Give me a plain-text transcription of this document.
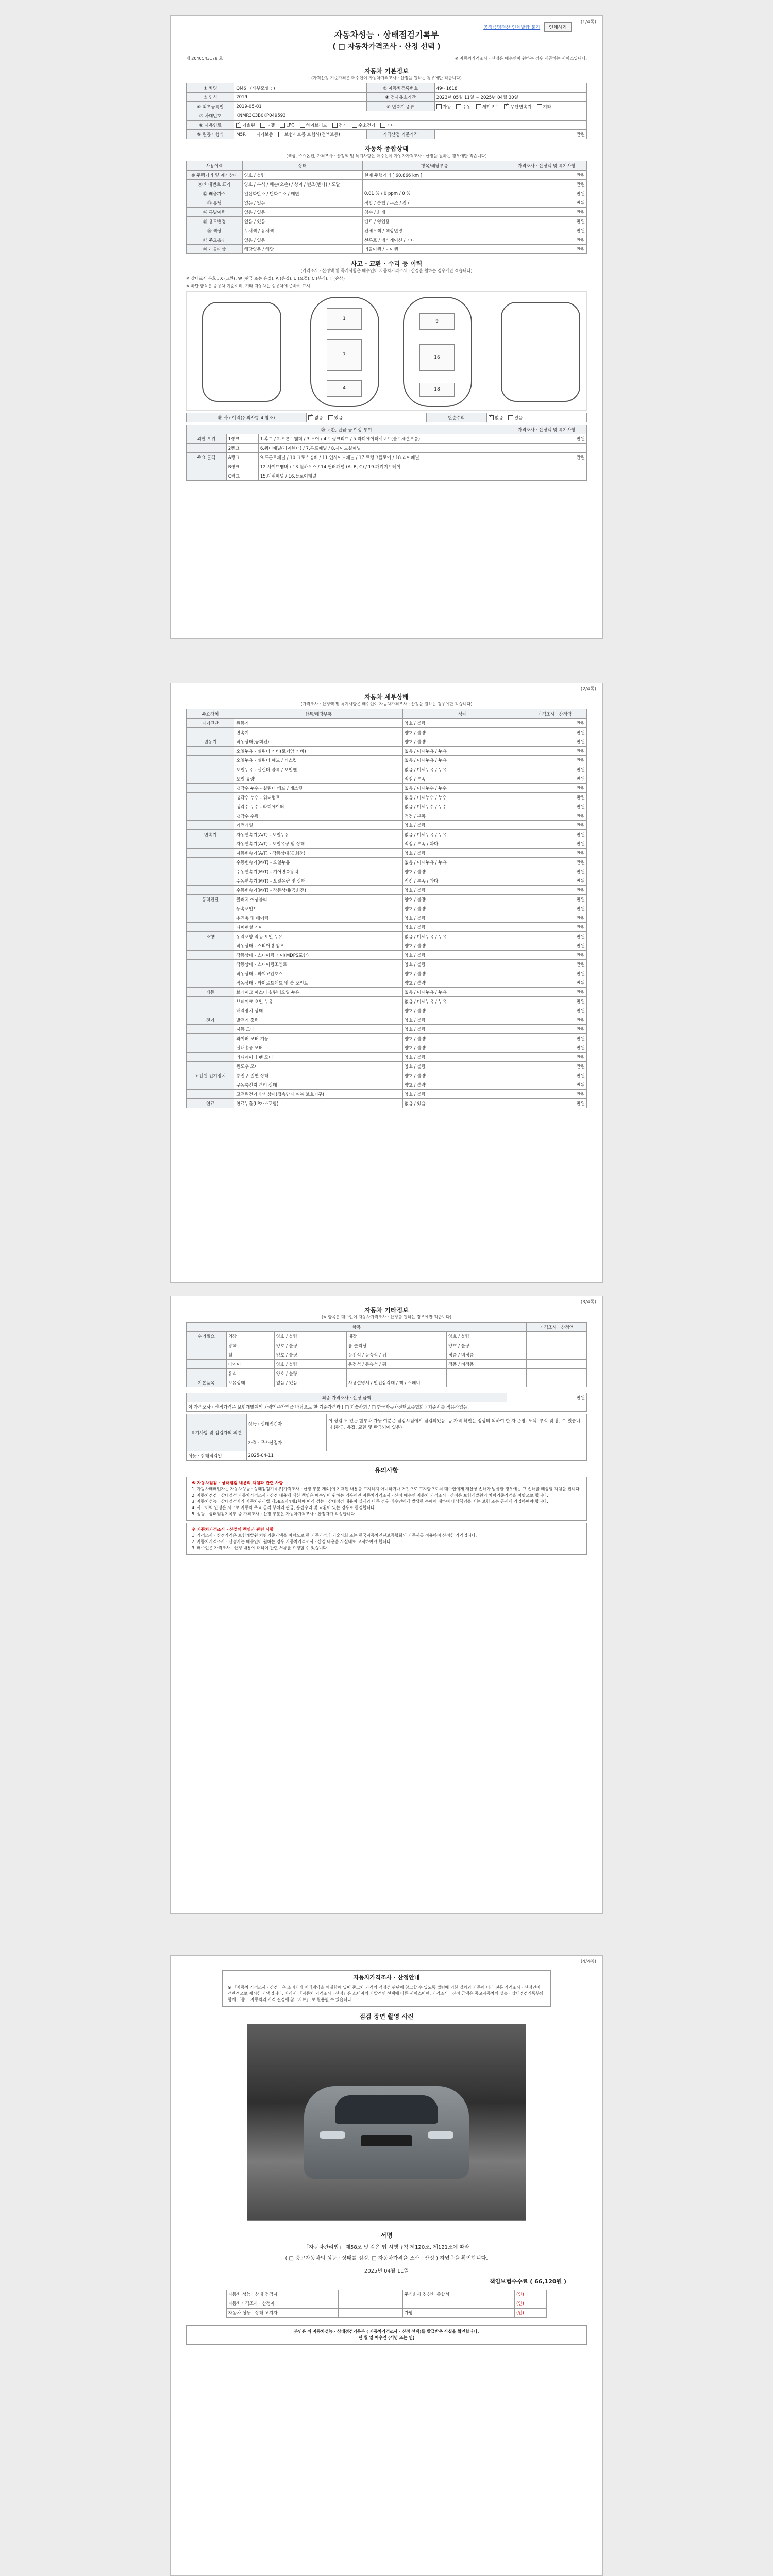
(1/4쪽)
공정증명전산 인쇄발급 불가	인쇄하기
자동차성능 · 상태점검기록부
( □ 자동차가격조사 · 산정 선택 )
제 2040543178 호	※ 자동차가격조사 · 산정은 매수인이 원하는 경우 제공하는 서비스입니다.
자동차 기본정보
(가격산정 기준가격은 매수인이 자동차가격조사 · 산정을 원하는 경우에만 적습니다)
① 차명	QM6 (세부모델 : )	② 자동차등록번호	49다1618
③ 연식	2019	④ 검사유효기간	2023년 05월 11일 ~ 2025년 04월 30일
⑤ 최초등록일	2019-05-01	⑥ 변속기 종류	자동 수동 세미오토 ✓ 무단변속기 기타
⑦ 차대번호	KNMR3C3B0KP049593		
⑧ 사용연료	✓가솔린 디젤 LPG 하이브리드 전기 수소전기 기타
⑨ 원동기형식	M5R 자가보증 보험사보증 보험사(전액보증)	가격산정 기준가격	만원
자동차 종합상태
(색상, 주요옵션, 가격조사 · 산정액 및 특기사항은 매수인이 자동차가격조사 · 산정을 원하는 경우에만 적습니다)
사용이력	상태	항목/해당부품	가격조사 · 산정액 및 특기사항
⑩ 주행거리 및 계기상태	양호 / 불량	현재 주행거리 [ 60,866 km ]	만원
⑪ 차대번호 표기	양호 / 부식 / 훼손(오손) / 상이 / 변조(변타) / 도말		만원
⑫ 배출가스	일산화탄소 / 탄화수소 / 매연	0.01 % / 0 ppm / 0 %	만원
⑬ 튜닝	없음 / 있음	적법 / 불법 / 구조 / 장치	만원
⑭ 특별이력	없음 / 있음	침수 / 화재	만원
⑮ 용도변경	없음 / 있음	렌트 / 영업용	만원
⑯ 색상	무채색 / 유채색	전체도색 / 색상변경	만원
⑰ 주요옵션	없음 / 있음	선루프 / 네비게이션 / 기타	만원
⑱ 리콜대상	해당없음 / 해당	리콜이행 / 미이행	만원
사고 · 교환 · 수리 등 이력
(가격조사 · 산정액 및 특기사항은 매수인이 자동차가격조사 · 산정을 원하는 경우에만 적습니다)
※ 상태표시 부호 : X (교환), W (판금 또는 용접), A (흠집), U (요철), C (부식), T (손상)
※ 하단 항목은 승용차 기준이며, 기타 자동차는 승용차에 준하여 표시
1
7
4
9
16
18
⑲ 사고이력(유의사항 4 참조)	✓없음	있음	단순수리	✓없음	있음
⑳ 교환, 판금 등 이상 부위			가격조사 · 산정액 및 특기사항
외판 부위	1랭크	1.후드 / 2.프론트휀더 / 3.도어 / 4.트렁크리드 / 5.라디에이터서포트(볼트체결부품)	만원
	2랭크	6.쿼터패널(리어휀더) / 7.루프패널 / 8.사이드실패널	
주요 골격	A랭크	9.프론트패널 / 10.크로스멤버 / 11.인사이드패널 / 17.트렁크플로어 / 18.리어패널	만원
	B랭크	12.사이드멤버 / 13.휠하우스 / 14.필러패널 (A, B, C) / 19.패키지트레이	
	C랭크	15.대쉬패널 / 16.플로어패널	
(2/4쪽)
자동차 세부상태
(가격조사 · 산정액 및 특기사항은 매수인이 자동차가격조사 · 산정을 원하는 경우에만 적습니다)
주요장치	항목/해당부품	상태	가격조사 · 산정액
자기진단	원동기	양호 / 불량	만원
	변속기	양호 / 불량	만원
원동기	작동상태(공회전)	양호 / 불량	만원
	오일누유 - 실린더 커버(로커암 커버)	없음 / 미세누유 / 누유	만원
	오일누유 - 실린더 헤드 / 개스킷	없음 / 미세누유 / 누유	만원
	오일누유 - 실린더 블록 / 오일팬	없음 / 미세누유 / 누유	만원
	오일 유량	적정 / 부족	만원
	냉각수 누수 - 실린더 헤드 / 개스킷	없음 / 미세누수 / 누수	만원
	냉각수 누수 - 워터펌프	없음 / 미세누수 / 누수	만원
	냉각수 누수 - 라디에이터	없음 / 미세누수 / 누수	만원
	냉각수 수량	적정 / 부족	만원
	커먼레일	양호 / 불량	만원
변속기	자동변속기(A/T) - 오일누유	없음 / 미세누유 / 누유	만원
	자동변속기(A/T) - 오일유량 및 상태	적정 / 부족 / 과다	만원
	자동변속기(A/T) - 작동상태(공회전)	양호 / 불량	만원
	수동변속기(M/T) - 오일누유	없음 / 미세누유 / 누유	만원
	수동변속기(M/T) - 기어변속장치	양호 / 불량	만원
	수동변속기(M/T) - 오일유량 및 상태	적정 / 부족 / 과다	만원
	수동변속기(M/T) - 작동상태(공회전)	양호 / 불량	만원
동력전달	클러치 어셈블리	양호 / 불량	만원
	등속조인트	양호 / 불량	만원
	추진축 및 베어링	양호 / 불량	만원
	디퍼렌셜 기어	양호 / 불량	만원
조향	동력조향 작동 오일 누유	없음 / 미세누유 / 누유	만원
	작동상태 - 스티어링 펌프	양호 / 불량	만원
	작동상태 - 스티어링 기어(MDPS포함)	양호 / 불량	만원
	작동상태 - 스티어링조인트	양호 / 불량	만원
	작동상태 - 파워고압호스	양호 / 불량	만원
	작동상태 - 타이로드엔드 및 볼 조인트	양호 / 불량	만원
제동	브레이크 마스터 실린더오일 누유	없음 / 미세누유 / 누유	만원
	브레이크 오일 누유	없음 / 미세누유 / 누유	만원
	배력장치 상태	양호 / 불량	만원
전기	발전기 출력	양호 / 불량	만원
	시동 모터	양호 / 불량	만원
	와이퍼 모터 기능	양호 / 불량	만원
	실내송풍 모터	양호 / 불량	만원
	라디에이터 팬 모터	양호 / 불량	만원
	윈도우 모터	양호 / 불량	만원
고전원 전기장치	충전구 절연 상태	양호 / 불량	만원
	구동축전지 격리 상태	양호 / 불량	만원
	고전원전기배선 상태(접속단자,피복,보호기구)	양호 / 불량	만원
연료	연료누출(LP가스포함)	없음 / 있음	만원
(3/4쪽)
자동차 기타정보
(※ 항목은 매수인이 자동차가격조사 · 산정을 원하는 경우에만 적습니다)
항목					가격조사 · 산정액
수리필요	외장	양호 / 불량	내장	양호 / 불량	
	광택	양호 / 불량	룸 클리닝	양호 / 불량	
	휠	양호 / 불량	운전석 / 동승석 / 뒤	정품 / 비정품	
	타이어	양호 / 불량	운전석 / 동승석 / 뒤	정품 / 비정품	
	유리	양호 / 불량			
기본품목	보유상태	없음 / 있음	사용설명서 / 안전삼각대 / 잭 / 스패너		
최종 가격조사 · 산정 금액	만원
이 가격조사 · 산정가격은 보험개발원의 차량기준가액을 바탕으로 한 기준가격과 ( □ 기술사회 / □ 한국자동차진단보증협회 ) 기준서를 적용하였음.
특기사항 및 점검자의 의견	성능 · 상태점검자	이 성검·도 있는 할부차 가능 여분은 점검시점에서 점검되었음. 동 가격 확인은 정상되 의하여 한 자 운영, 도색, 부식 및 흠, 수 있습니다.(판금, 용접, 교환 및 판금되어 있음)
	가격 · 조사산정자	
성능 · 상태점검일	2025-04-11	
유의사항
※ 자동차점검 · 상태점검 내용의 책임과 관련 사항
1. 자동차매매업자는 자동차성능 · 상태점검기록부(가격조사 · 산정 부분 제외)에 기재된 내용을 고지하지 아니하거나 거짓으로 고지함으로써 매수인에게 재산상 손해가 발생한 경우에는 그 손해를 배상할 책임을 집니다.
2. 자동차점검 · 상태점검 자동차가격조사 · 산정 내용에 대한 책임은 매수인이 원하는 경우에만 자동차가격조사 · 산정 매수인 자동차 가격조사 · 산정은 보험개발원의 차량기준가액을 바탕으로 합니다.
3. 자동차성능 · 상태점검자가 자동차관리법 제58조의4제1항에 따라 성능 · 상태점검 내용이 실제와 다른 경우 매수인에게 발생한 손해에 대하여 배상책임을 지는 보험 또는 공제에 가입하여야 합니다.
4. 사고이력 인정은 사고로 자동차 주요 골격 부위의 판금, 용접수리 및 교환이 있는 경우로 한정합니다.
5. 성능 · 상태점검기록부 중 가격조사 · 산정 부분은 자동차가격조사 · 산정자가 작성합니다.
※ 자동차가격조사 · 산정의 책임과 관련 사항
1. 가격조사 · 산정가격은 보험개발원 차량기준가액을 바탕으로 한 기준가격과 기술사회 또는 한국자동차진단보증협회의 기준서를 적용하여 산정한 가격입니다.
2. 자동차가격조사 · 산정자는 매수인이 원하는 경우 자동차가격조사 · 산정 내용을 사실대로 고지하여야 합니다.
3. 매수인은 가격조사 · 산정 내용에 대하여 관련 서류를 요청할 수 있습니다.
(4/4쪽)
자동차가격조사 · 산정안내
※ 「자동차 가격조사 · 산정」은 소비자가 매매계약을 체결함에 있어 중고차 가격의 적정성 판단에 참고할 수 있도록 법령에 의한 절차와 기준에 따라 전문 가격조사 · 산정인이 객관적으로 제시한 가액입니다. 따라서 「자동차 가격조사 · 산정」은 소비자의 자발적인 선택에 따른 서비스이며, 가격조사 · 산정 금액은 중고자동차의 성능 · 상태점검기록부와 함께 「중고 자동차의 가격 결정에 참고자료」 로 활용될 수 있습니다.
점검 장면 촬영 사진
서명
「자동차관리법」 제58조 및 같은 법 시행규칙 제120조, 제121조에 따라
( □ 중고자동차의 성능 · 상태를 점검, □ 자동차가격을 조사 · 산정 ) 하였음을 확인합니다.
2025년 04월 11일
책임보험수수료 ( 66,120원 )
자동차 성능 · 상태 점검자		주식회사 진천차 종합서	(인)
자동차가격조사 · 산정자			(인)
자동차 성능 · 상태 고지자		가명	(인)
본인은 위 자동차성능 · 상태점검기록부 ( 자동차가격조사 · 산정 선택)를 발급받은 사실을 확인합니다.
년 월 일 매수인 (서명 또는 인)
